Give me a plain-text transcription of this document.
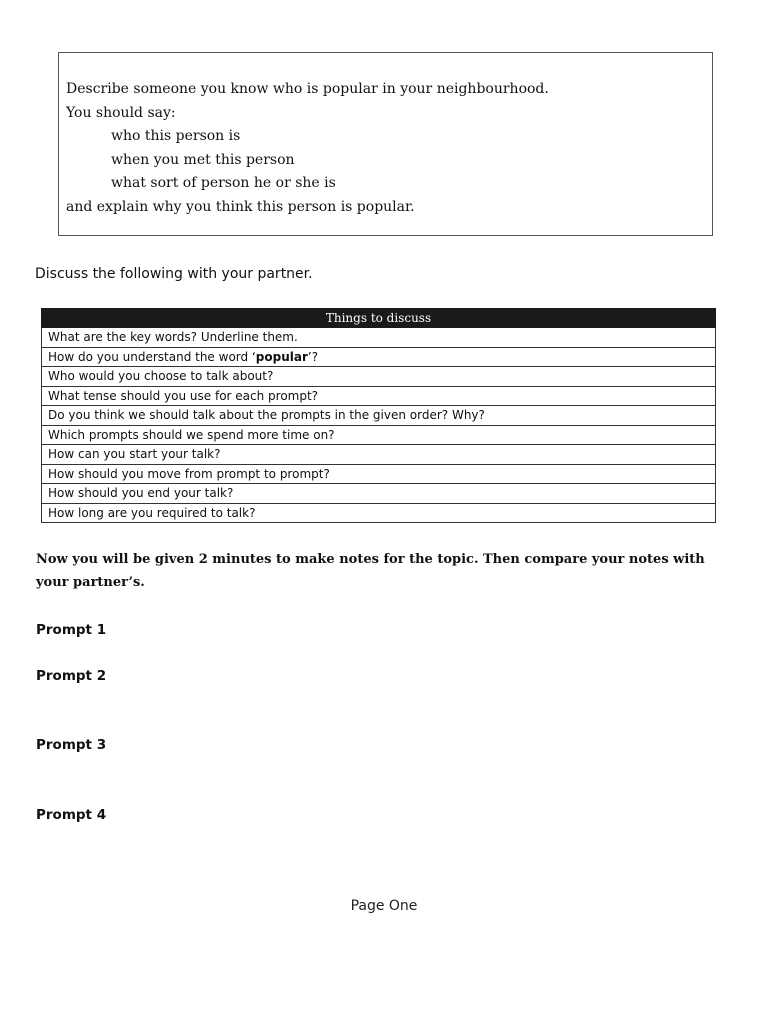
Describe someone you know who is popular in your neighbourhood.
You should say:
who this person is
when you met this person
what sort of person he or she is
and explain why you think this person is popular.
Discuss the following with your partner.
Things to discuss
What are the key words? Underline them.
How do you understand the word ‘popular’?
Who would you choose to talk about?
What tense should you use for each prompt?
Do you think we should talk about the prompts in the given order? Why?
Which prompts should we spend more time on?
How can you start your talk?
How should you move from prompt to prompt?
How should you end your talk?
How long are you required to talk?
Now you will be given 2 minutes to make notes for the topic. Then compare your notes with your partner’s.
Prompt 1
Prompt 2
Prompt 3
Prompt 4
Page One
